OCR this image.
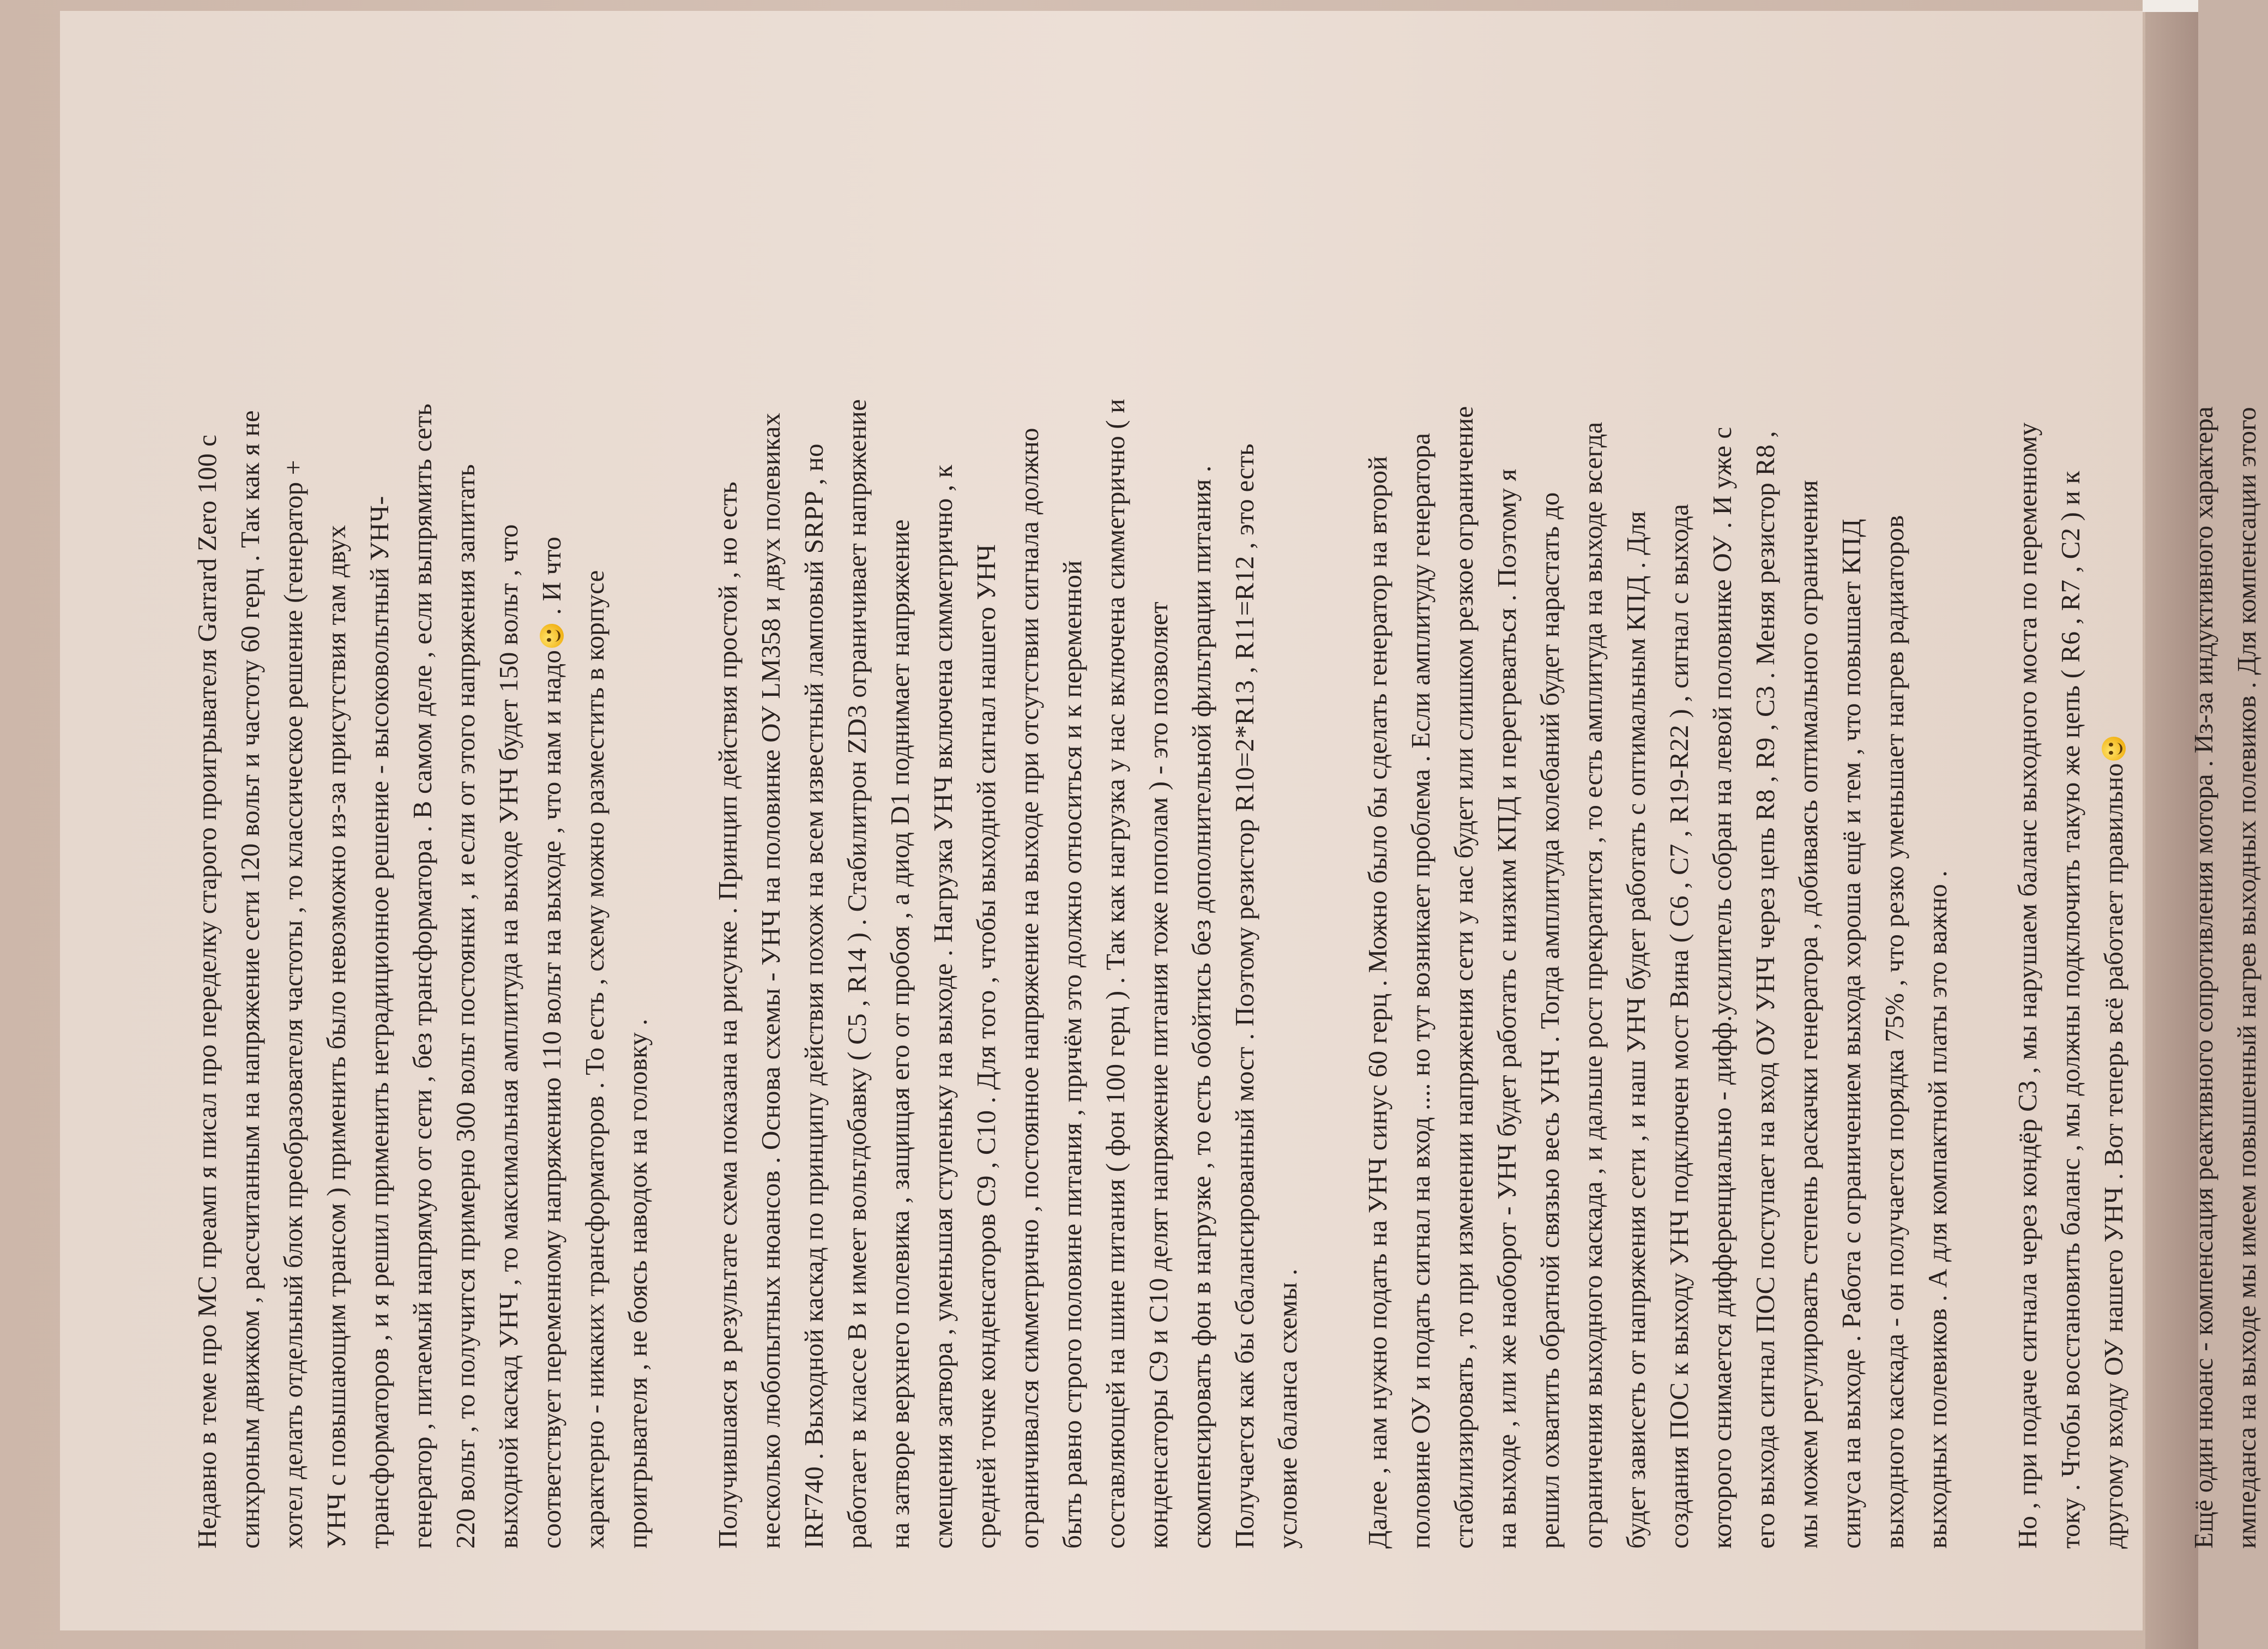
Недавно в теме про МС преамп я писал про переделку старого проигрывателя Garrard Zero 100 с
синхроным движком , рассчитанным на напряжение сети 120 вольт и частоту 60 герц . Так как я не
хотел делать отдельный блок преобразователя частоты , то классическое решение (генератор +
УНЧ с повышающим трансом ) применить было невозможно из-за присутствия там двух
трансформаторов , и я решил применить нетрадиционное решение - высоковольтный УНЧ-
генератор , питаемый напрямую от сети , без трансформатора . В самом деле , если выпрямить сеть
220 вольт , то получится примерно 300 вольт постоянки , и если от этого напряжения запитать
выходной каскад УНЧ , то максимальная амплитуда на выходе УНЧ будет 150 вольт , что
соответствует переменному напряжению 110 вольт на выходе , что нам и надо . И что
характерно - никаких трансформаторов . То есть , схему можно разместить в корпусе
проигрывателя , не боясь наводок на головку .

Получившаяся в результате схема показана на рисунке . Принцип действия простой , но есть
несколько любопытных нюансов . Основа схемы - УНЧ на половинке ОУ LM358 и двух полевиках
IRF740 . Выходной каскад по принципу действия похож на всем известный ламповый SRPP , но
работает в классе В и имеет вольтдобавку ( С5 , R14 ) . Стабилитрон ZD3 ограничивает напряжение
на затворе верхнего полевика , защищая его от пробоя , а диод D1 поднимает напряжение
смещения затвора , уменьшая ступеньку на выходе . Нагрузка УНЧ включена симметрично , к
средней точке конденсаторов С9 , С10 . Для того , чтобы выходной сигнал нашего УНЧ
ограничивался симметрично , постоянное напряжение на выходе при отсутствии сигнала должно
быть равно строго половине питания , причём это должно относиться и к переменной
составляющей на шине питания ( фон 100 герц ) . Так как нагрузка у нас включена симметрично ( и
конденсаторы С9 и С10 делят напряжение питания тоже пополам ) - это позволяет
скомпенсировать фон в нагрузке , то есть обойтись без дополнительной фильтрации питания .
Получается как бы сбалансированный мост . Поэтому резистор R10=2*R13 , R11=R12 , это есть
условие баланса схемы .

Далее , нам нужно подать на УНЧ синус 60 герц . Можно было бы сделать генератор на второй
половине ОУ и подать сигнал на вход .... но тут возникает проблема . Если амплитуду генератора
стабилизировать , то при изменении напряжения сети у нас будет или слишком резкое ограничение
на выходе , или же наоборот - УНЧ будет работать с низким КПД и перегреваться . Поэтому я
решил охватить обратной связью весь УНЧ . Тогда амплитуда колебаний будет нарастать до
ограничения выходного каскада , и дальше рост прекратится , то есть амплитуда на выходе всегда
будет зависеть от напряжения сети , и наш УНЧ будет работать с оптимальным КПД . Для
создания ПОС к выходу УНЧ подключен мост Вина ( С6 , С7 , R19-R22 ) , сигнал с выхода
которого снимается дифференциально - дифф.усилитель собран на левой половинке ОУ . И уже с
его выхода сигнал ПОС поступает на вход ОУ УНЧ через цепь R8 , R9 , С3 . Меняя резистор R8 ,
мы можем регулировать степень раскачки генератора , добиваясь оптимального ограничения
синуса на выходе . Работа с ограничением выхода хороша ещё и тем , что повышает КПД
выходного каскада - он получается порядка 75% , что резко уменьшает нагрев радиаторов
выходных полевиков . А для компактной платы это важно .

Но , при подаче сигнала через кондёр С3 , мы нарушаем баланс выходного моста по переменному
току . Чтобы восстановить баланс , мы должны подключить такую же цепь ( R6 , R7 , С2 ) и к
другому входу ОУ нашего УНЧ . Вот теперь всё работает правильно

Ещё один нюанс - компенсация реактивного сопротивления мотора . Из-за индуктивного характера
импеданса на выходе мы имеем повышенный нагрев выходных полевиков . Для компенсации этого
